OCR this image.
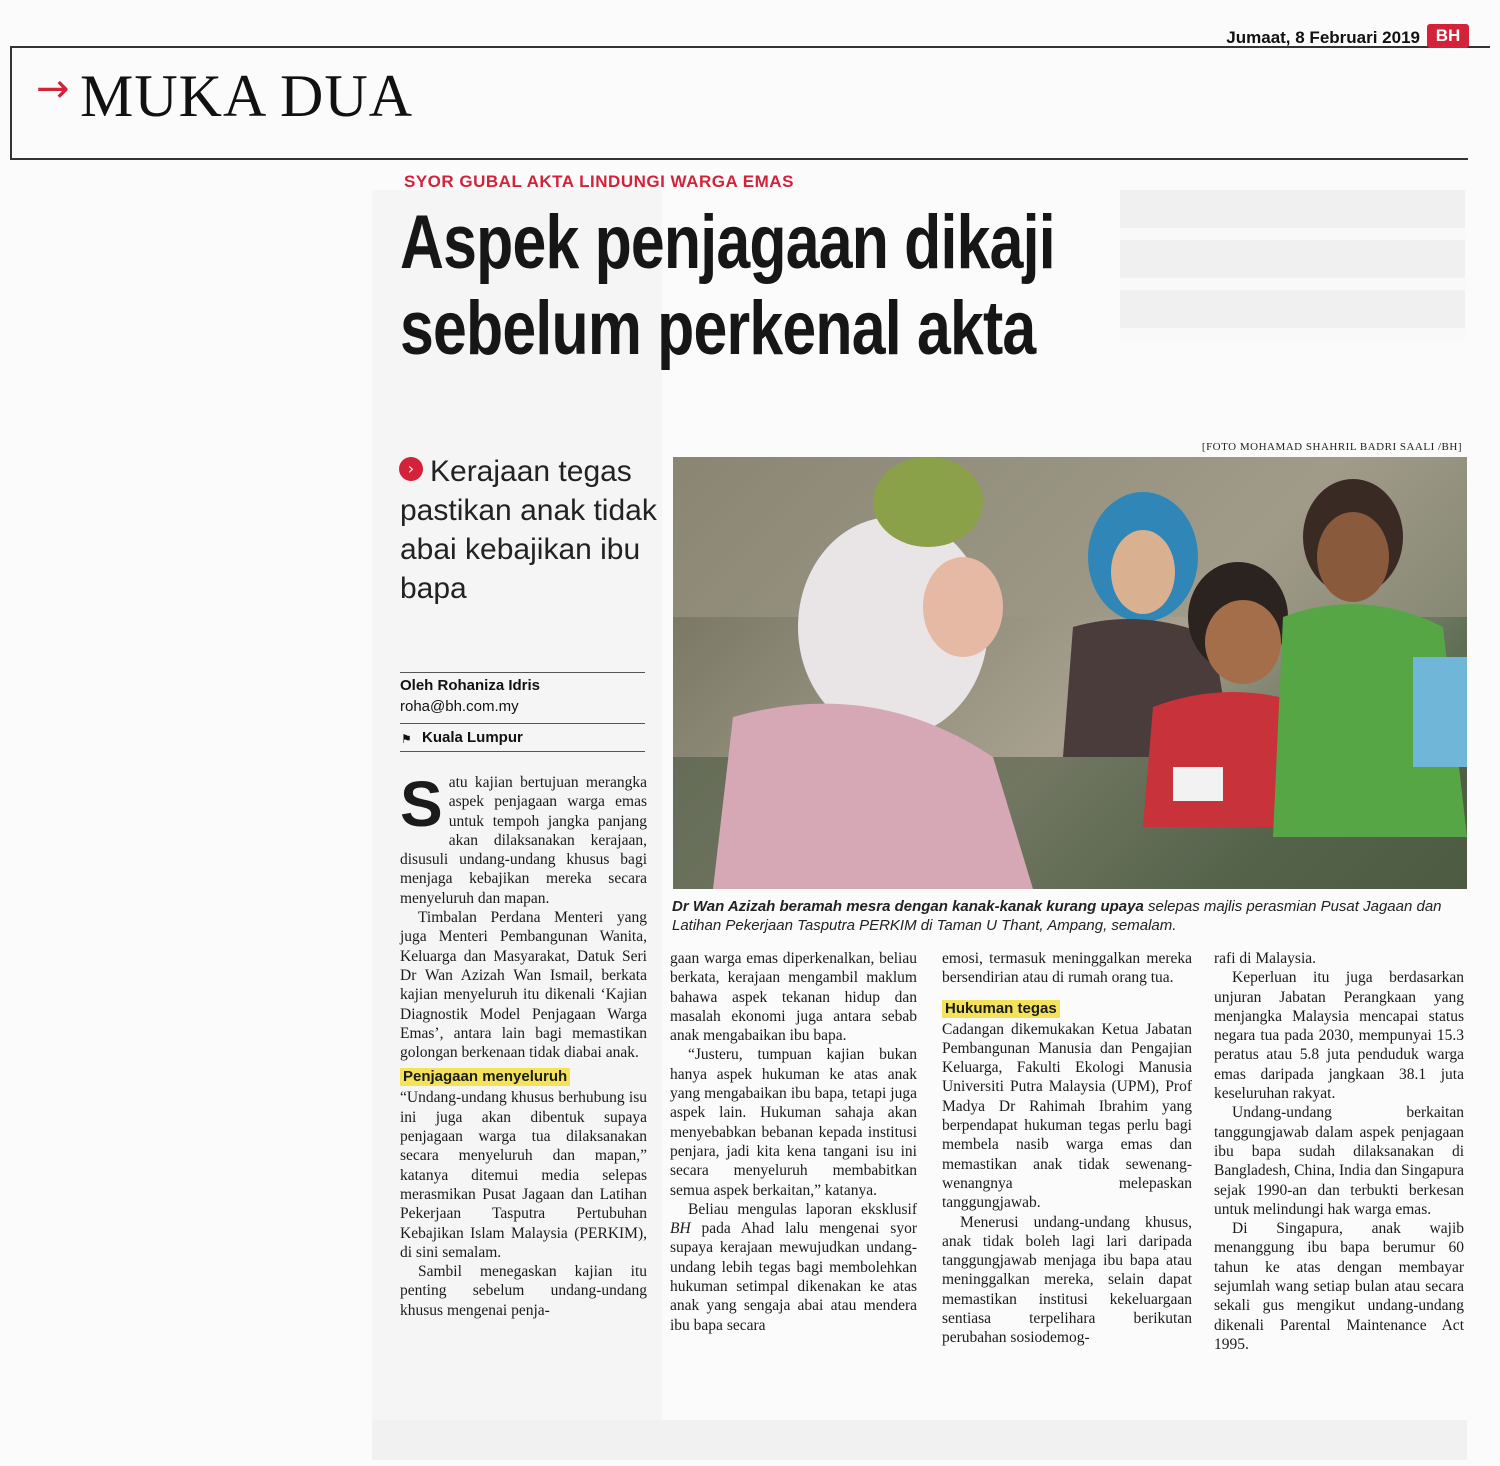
Jumaat, 8 Februari 2019 BH
→ MUKA DUA
SYOR GUBAL AKTA LINDUNGI WARGA EMAS
Aspek penjagaan dikaji
sebelum perkenal akta
Kerajaan tegas pastikan anak tidak abai kebajikan ibu bapa
›
Oleh Rohaniza Idris
roha@bh.com.my
⚑ Kuala Lumpur
[FOTO MOHAMAD SHAHRIL BADRI SAALI /BH]
Dr Wan Azizah beramah mesra dengan kanak-kanak kurang upaya selepas majlis perasmian Pusat Jagaan dan Latihan Pekerjaan Tasputra PERKIM di Taman U Thant, Ampang, semalam.

Satu kajian bertujuan merangka aspek penjagaan warga emas untuk tempoh jangka panjang akan dilaksanakan kerajaan, disusuli undang-undang khusus bagi menjaga kebajikan mereka secara menyeluruh dan mapan.

Timbalan Perdana Menteri yang juga Menteri Pembangunan Wanita, Keluarga dan Masyarakat, Datuk Seri Dr Wan Azizah Wan Ismail, berkata kajian menyeluruh itu dikenali ‘Kajian Diagnostik Model Penjagaan Warga Emas’, antara lain bagi memastikan golongan berkenaan tidak diabai anak.

Penjagaan menyeluruh

“Undang-undang khusus berhubung isu ini juga akan dibentuk supaya penjagaan warga tua dilaksanakan secara menyeluruh dan mapan,” katanya ditemui media selepas merasmikan Pusat Jagaan dan Latihan Pekerjaan Tasputra Pertubuhan Kebajikan Islam Malaysia (PERKIM), di sini semalam.

Sambil menegaskan kajian itu penting sebelum undang-undang khusus mengenai penja-

gaan warga emas diperkenalkan, beliau berkata, kerajaan mengambil maklum bahawa aspek tekanan hidup dan masalah ekonomi juga antara sebab anak mengabaikan ibu bapa.

“Justeru, tumpuan kajian bukan hanya aspek hukuman ke atas anak yang mengabaikan ibu bapa, tetapi juga aspek lain. Hukuman sahaja akan menyebabkan bebanan kepada institusi penjara, jadi kita kena tangani isu ini secara menyeluruh membabitkan semua aspek berkaitan,” katanya.

Beliau mengulas laporan eksklusif BH pada Ahad lalu mengenai syor supaya kerajaan mewujudkan undang-undang lebih tegas bagi membolehkan hukuman setimpal dikenakan ke atas anak yang sengaja abai atau mendera ibu bapa secara

emosi, termasuk meninggalkan mereka bersendirian atau di rumah orang tua.

Hukuman tegas

Cadangan dikemukakan Ketua Jabatan Pembangunan Manusia dan Pengajian Keluarga, Fakulti Ekologi Manusia Universiti Putra Malaysia (UPM), Prof Madya Dr Rahimah Ibrahim yang berpendapat hukuman tegas perlu bagi membela nasib warga emas dan memastikan anak tidak sewenang-wenangnya melepaskan tanggungjawab.

Menerusi undang-undang khusus, anak tidak boleh lagi lari daripada tanggungjawab menjaga ibu bapa atau meninggalkan mereka, selain dapat memastikan institusi kekeluargaan sentiasa terpelihara berikutan perubahan sosiodemog-

rafi di Malaysia.

Keperluan itu juga berdasarkan unjuran Jabatan Perangkaan yang menjangka Malaysia mencapai status negara tua pada 2030, mempunyai 15.3 peratus atau 5.8 juta penduduk warga emas daripada jangkaan 38.1 juta keseluruhan rakyat.

Undang-undang berkaitan tanggungjawab dalam aspek penjagaan ibu bapa sudah dilaksanakan di Bangladesh, China, India dan Singapura sejak 1990-an dan terbukti berkesan untuk melindungi hak warga emas.

Di Singapura, anak wajib menanggung ibu bapa berumur 60 tahun ke atas dengan membayar sejumlah wang setiap bulan atau secara sekali gus mengikut undang-undang dikenali Parental Maintenance Act 1995.
